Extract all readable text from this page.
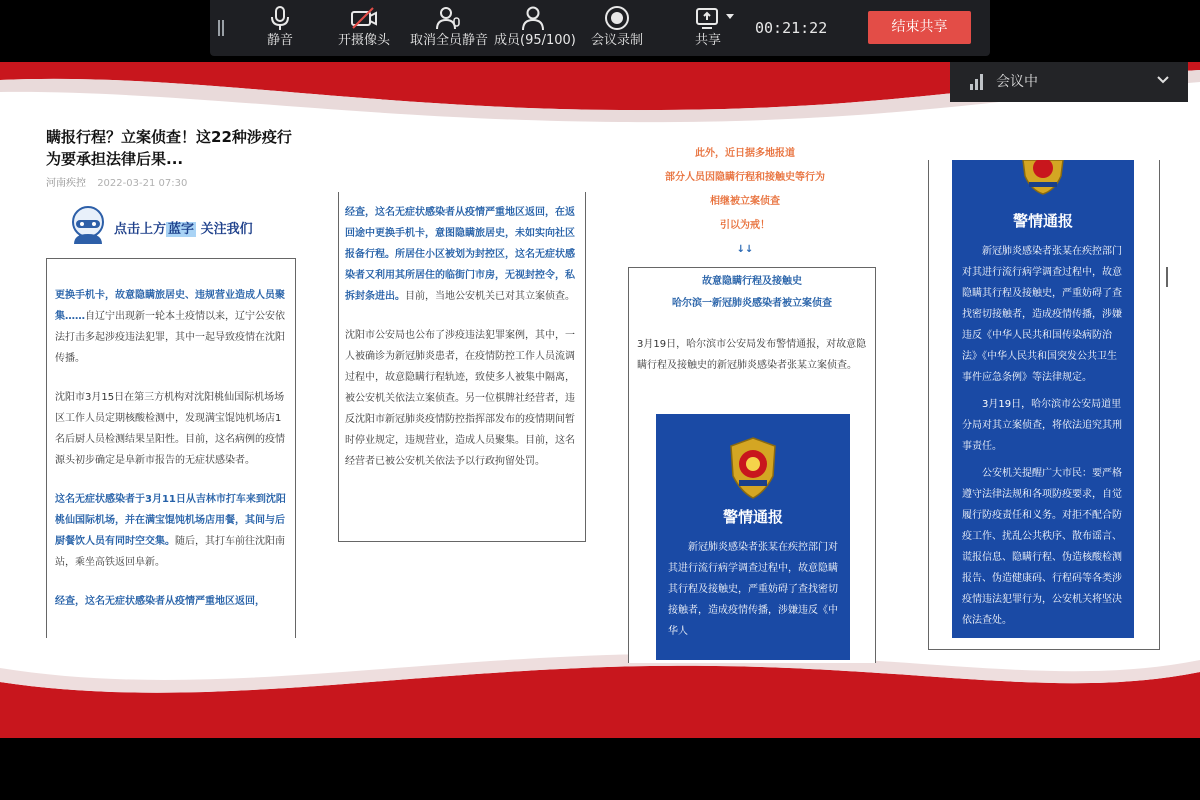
静音	开摄像头	取消全员静音 成员(95/100)	会议录制	共享
00:21:22	结束共享
瞒报行程？立案侦查！这22种涉疫行为要承担法律后果...
河南疾控 2022-03-21 07:30
点击上方 蓝字 关注我们
更换手机卡，故意隐瞒旅居史、违规营业造成人员聚集……自辽宁出现新一轮本土疫情以来，辽宁公安依法打击多起涉疫违法犯罪，其中一起导致疫情在沈阳传播。
沈阳市3月15日在第三方机构对沈阳桃仙国际机场场区工作人员定期核酸检测中，发现满宝馄饨机场店1名后厨人员检测结果呈阳性。目前，这名病例的疫情源头初步确定是阜新市报告的无症状感染者。
这名无症状感染者于3月11日从吉林市打车来到沈阳桃仙国际机场，并在满宝馄饨机场店用餐，其间与后厨餐饮人员有同时空交集。随后，其打车前往沈阳南站，乘坐高铁返回阜新。
经查，这名无症状感染者从疫情严重地区返回，
经查，这名无症状感染者从疫情严重地区返回，在返回途中更换手机卡，意图隐瞒旅居史，未如实向社区报备行程。所居住小区被划为封控区，这名无症状感染者又利用其所居住的临街门市房，无视封控令，私拆封条进出。目前，当地公安机关已对其立案侦查。
沈阳市公安局也公布了涉疫违法犯罪案例，其中，一人被确诊为新冠肺炎患者，在疫情防控工作人员流调过程中，故意隐瞒行程轨迹，致使多人被集中隔离，被公安机关依法立案侦查。另一位棋牌社经营者，违反沈阳市新冠肺炎疫情防控指挥部发布的疫情期间暂时停业规定，违规营业，造成人员聚集。目前，这名经营者已被公安机关依法予以行政拘留处罚。
此外，近日据多地报道
部分人员因隐瞒行程和接触史等行为
相继被立案侦查
引以为戒！
↓↓
故意隐瞒行程及接触史
哈尔滨一新冠肺炎感染者被立案侦查
3月19日，哈尔滨市公安局发布警情通报，对故意隐瞒行程及接触史的新冠肺炎感染者张某立案侦查。
警情通报
新冠肺炎感染者张某在疾控部门对其进行流行病学调查过程中，故意隐瞒其行程及接触史，严重妨碍了查找密切接触者，造成疫情传播，涉嫌违反《中华人
警情通报
新冠肺炎感染者张某在疾控部门对其进行流行病学调查过程中，故意隐瞒其行程及接触史，严重妨碍了查找密切接触者，造成疫情传播，涉嫌违反《中华人民共和国传染病防治法》《中华人民共和国突发公共卫生事件应急条例》等法律规定。
3月19日，哈尔滨市公安局道里分局对其立案侦查，将依法追究其刑事责任。
公安机关提醒广大市民：要严格遵守法律法规和各项防疫要求，自觉履行防疫责任和义务。对拒不配合防疫工作、扰乱公共秩序、散布谣言、谎报信息、隐瞒行程、伪造核酸检测报告、伪造健康码、行程码等各类涉疫情违法犯罪行为，公安机关将坚决依法查处。
会议中
